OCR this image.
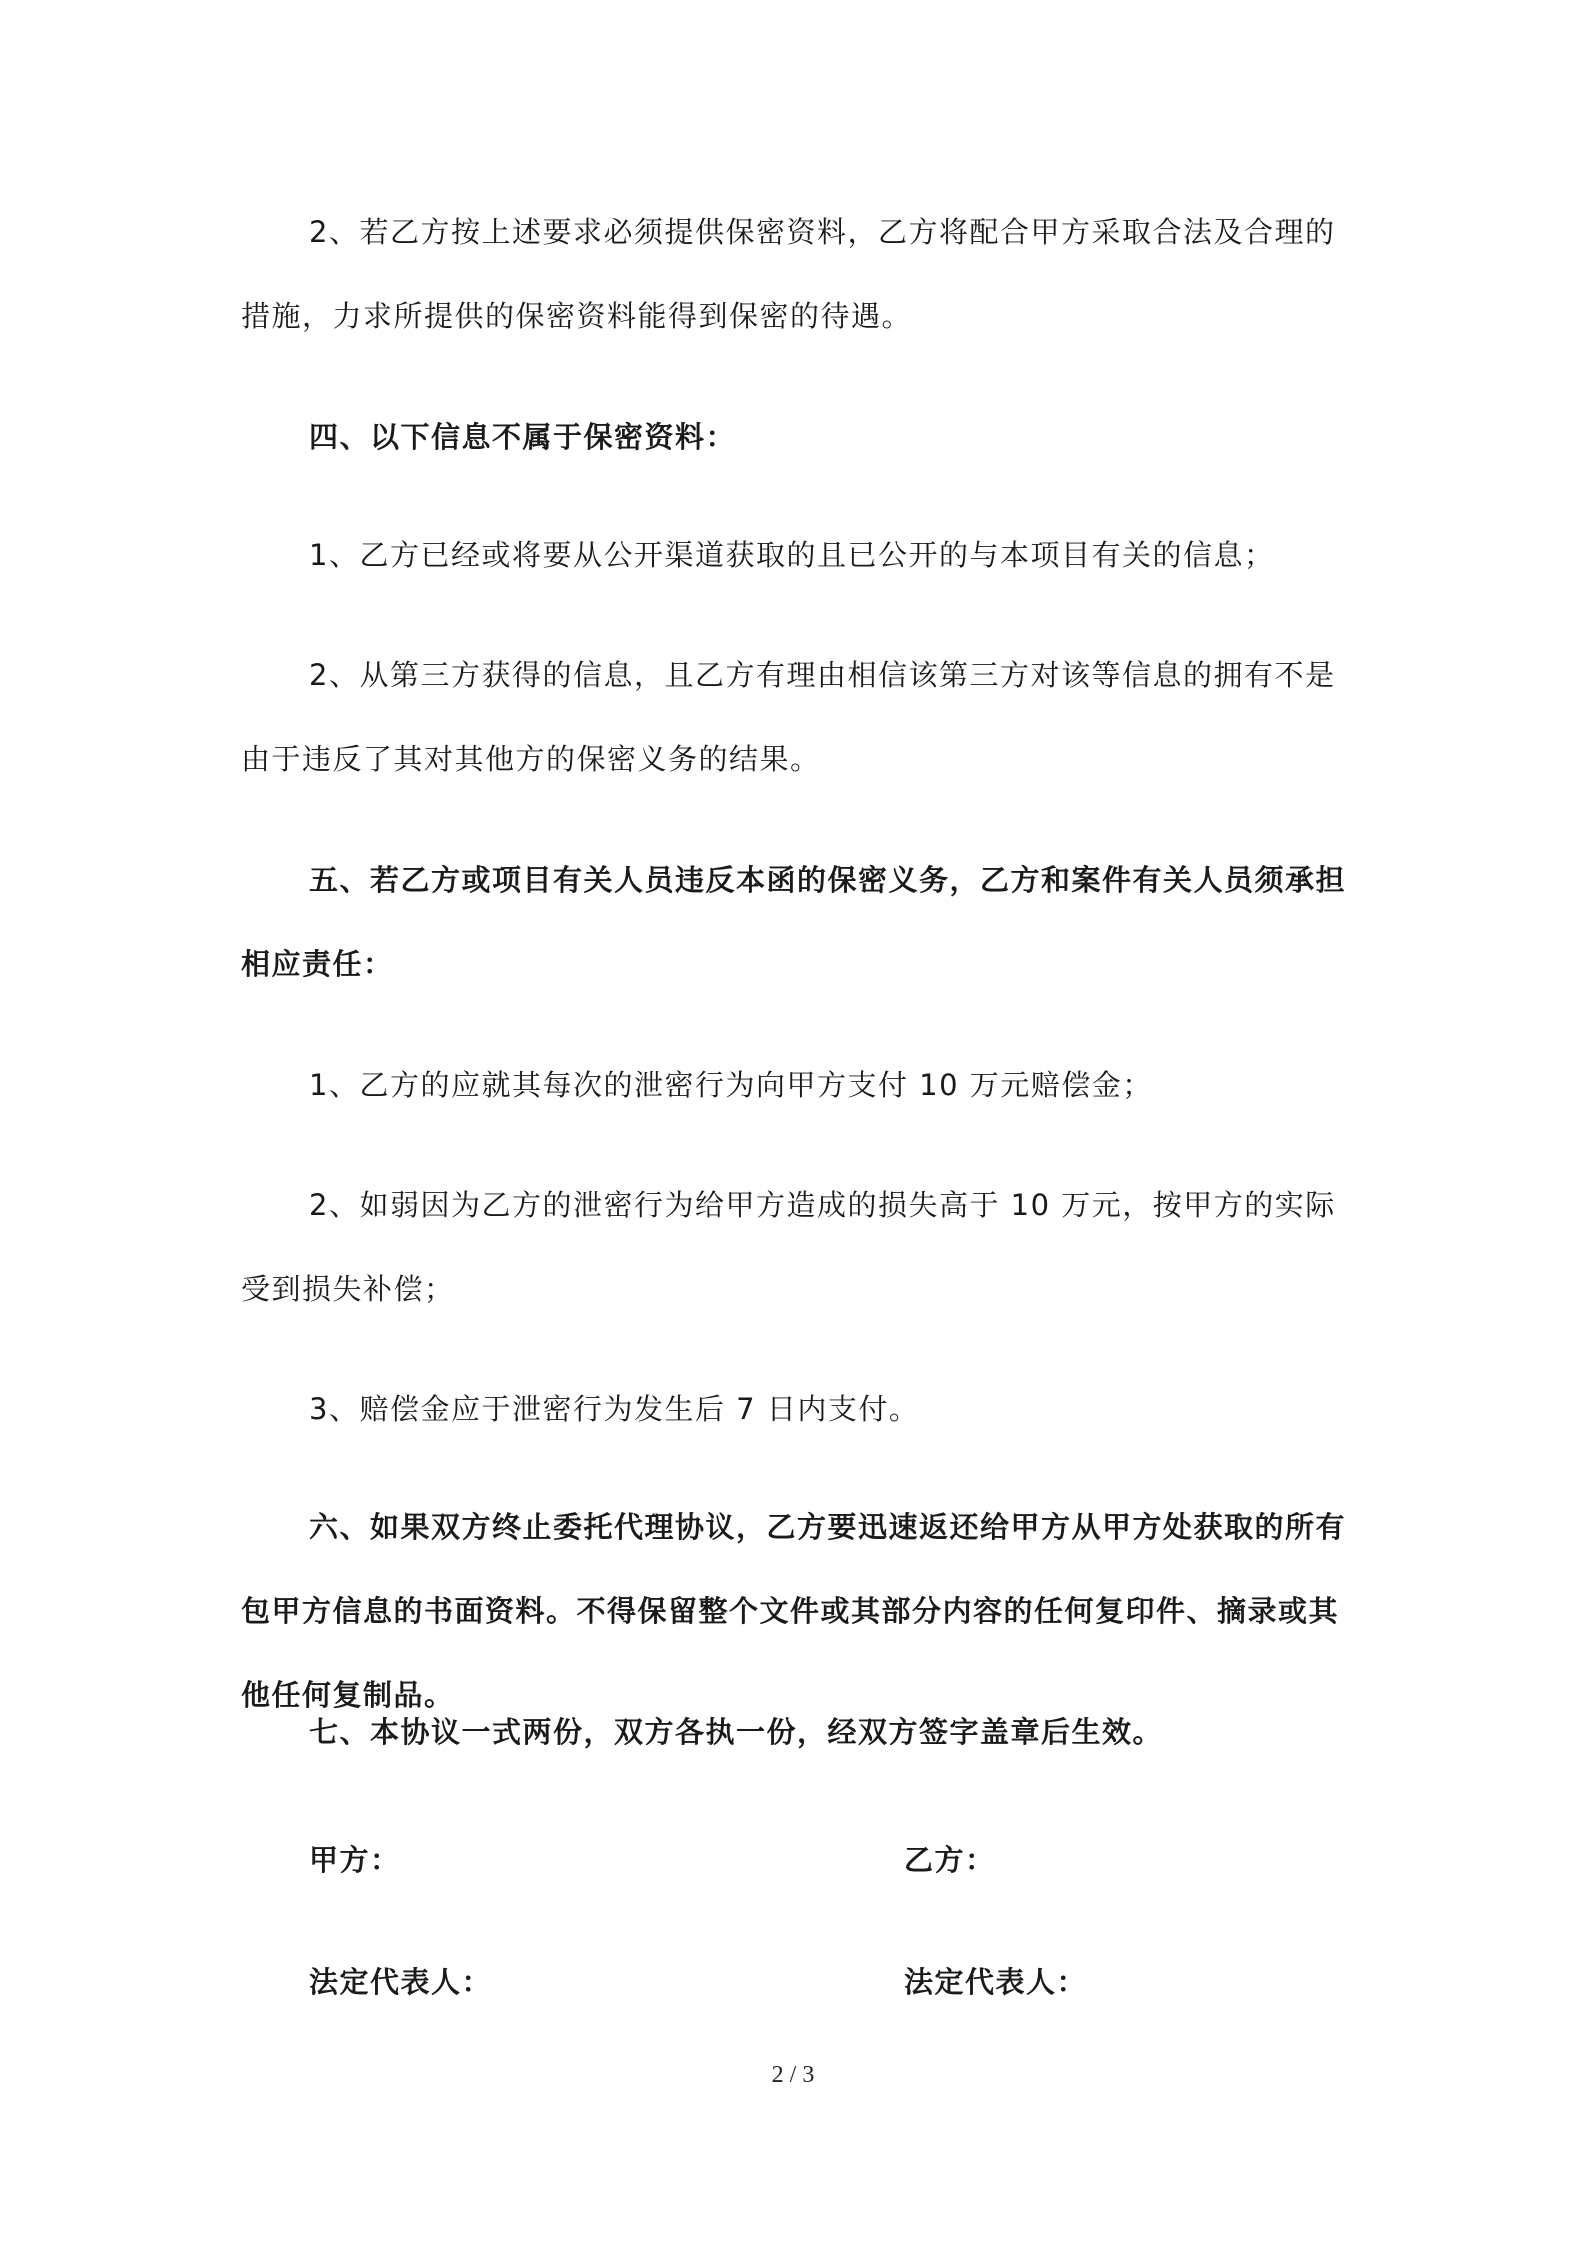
2、若乙方按上述要求必须提供保密资料，乙方将配合甲方采取合法及合理的措施，力求所提供的保密资料能得到保密的待遇。

四、以下信息不属于保密资料：

1、乙方已经或将要从公开渠道获取的且已公开的与本项目有关的信息；

2、从第三方获得的信息，且乙方有理由相信该第三方对该等信息的拥有不是由于违反了其对其他方的保密义务的结果。

五、若乙方或项目有关人员违反本函的保密义务，乙方和案件有关人员须承担相应责任：

1、乙方的应就其每次的泄密行为向甲方支付 10 万元赔偿金；

2、如弱因为乙方的泄密行为给甲方造成的损失高于 10 万元，按甲方的实际受到损失补偿；

3、赔偿金应于泄密行为发生后 7 日内支付。

六、如果双方终止委托代理协议，乙方要迅速返还给甲方从甲方处获取的所有包甲方信息的书面资料。不得保留整个文件或其部分内容的任何复印件、摘录或其他任何复制品。

七、本协议一式两份，双方各执一份，经双方签字盖章后生效。

甲方：	乙方：
法定代表人：	法定代表人：
2 / 3
